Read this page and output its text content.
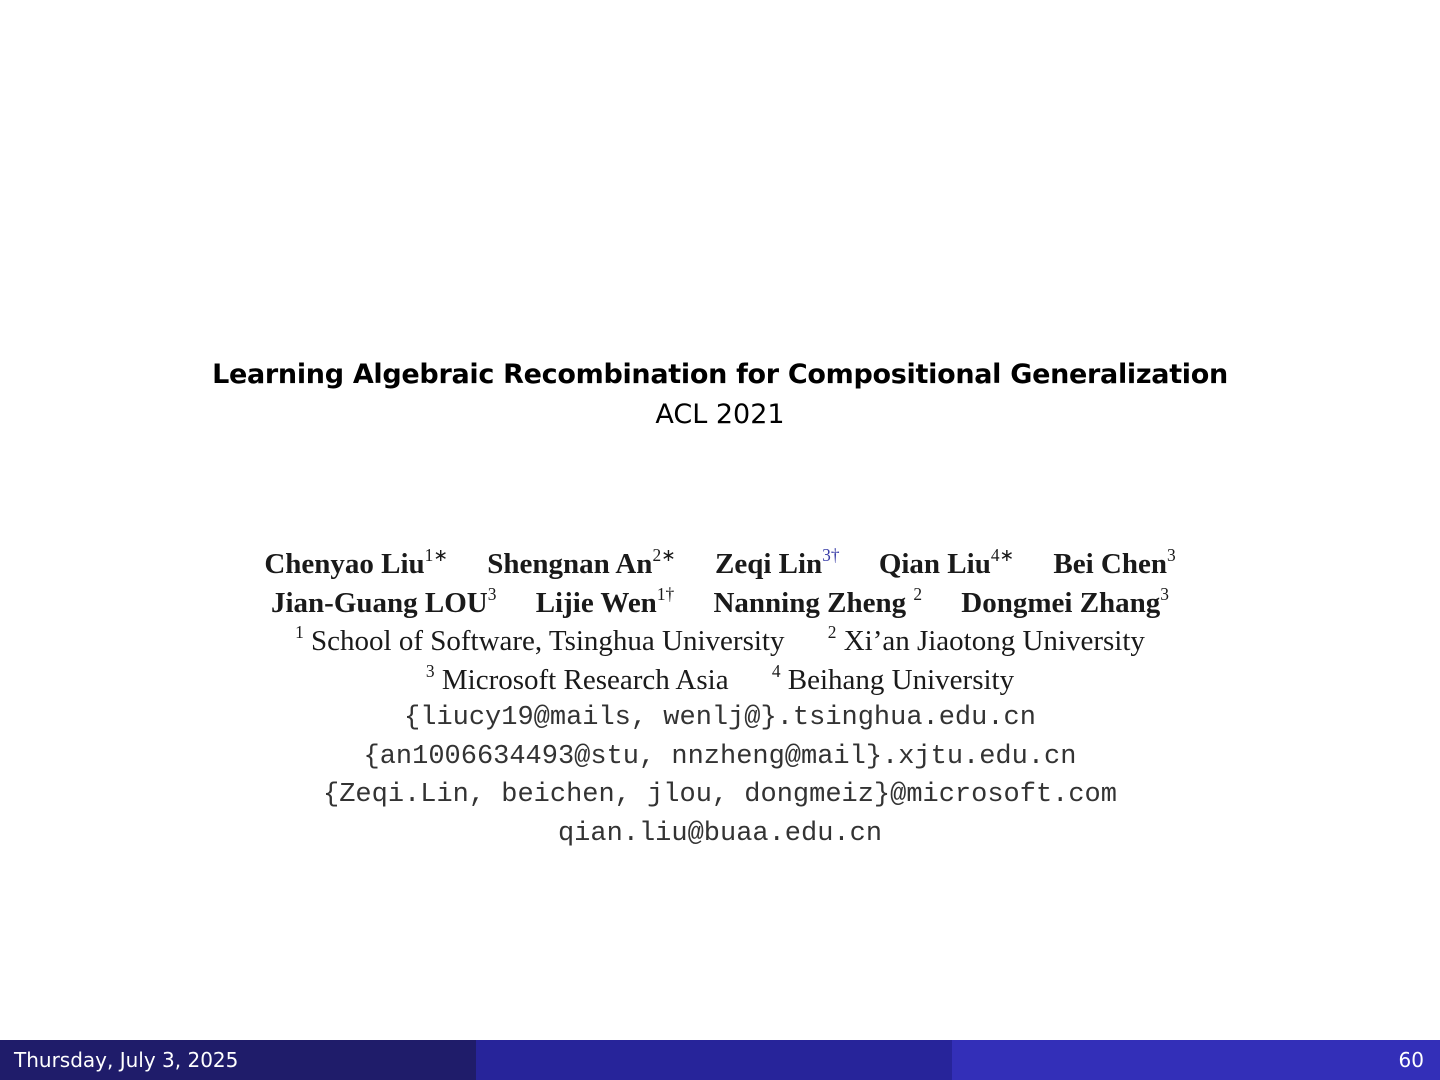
Learning Algebraic Recombination for Compositional Generalization
ACL 2021
Chenyao Liu$^{1∗}$ Shengnan $An^{2∗}$ Zeqi Lin$^{3\dagger}$ Qian Liu$^{4∗}$ Bei Chen$^3$
Jian-Guang LOU$^3$ Lijie Wen$^{1\dagger}$ Nanning Zheng $^2$ Dongmei Zhang$^3$
$^1$ School of Software, Tsinghua University $^2$ Xi’an Jiaotong University
$^3$ Microsoft Research Asia $^4$ Beihang University
{liucy19@mails, wenlj@}.tsinghua.edu.cn
{an1006634493@stu, nnzheng@mail}.xjtu.edu.cn
{Zeqi.Lin, beichen, jlou, dongmeiz}@microsoft.com
qian.liu@buaa.edu.cn
Thursday, July 3, 2025	60
